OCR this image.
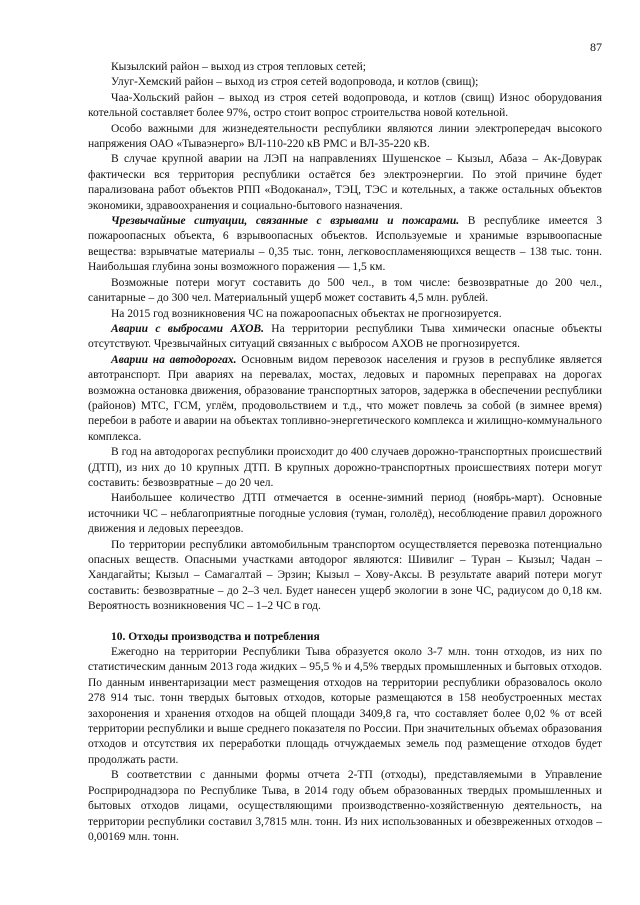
87

Кызылский район – выход из строя тепловых сетей;

Улуг-Хемский район – выход из строя сетей водопровода, и котлов (свищ);

Чаа-Хольский район – выход из строя сетей водопровода, и котлов (свищ) Износ оборудования котельной составляет более 97%, остро стоит вопрос строительства новой котельной.

Особо важными для жизнедеятельности республики являются линии электропередач высокого напряжения ОАО «Тываэнерго» ВЛ-110-220 кВ РМС и ВЛ-35-220 кВ.

В случае крупной аварии на ЛЭП на направлениях Шушенское – Кызыл, Абаза – Ак-Довурак фактически вся территория республики остаётся без электроэнергии. По этой причине будет парализована работ объектов РПП «Водоканал», ТЭЦ, ТЭС и котельных, а также остальных объектов экономики, здравоохранения и социально-бытового назначения.

Чрезвычайные ситуации, связанные с взрывами и пожарами. В республике имеется 3 пожароопасных объекта, 6 взрывоопасных объектов. Используемые и хранимые взрывоопасные вещества: взрывчатые материалы – 0,35 тыс. тонн, легковоспламеняющихся веществ – 138 тыс. тонн. Наибольшая глубина зоны возможного поражения — 1,5 км.

Возможные потери могут составить до 500 чел., в том числе: безвозвратные до 200 чел., санитарные – до 300 чел. Материальный ущерб может составить 4,5 млн. рублей.

На 2015 год возникновения ЧС на пожароопасных объектах не прогнозируется.

Аварии с выбросами АХОВ. На территории республики Тыва химически опасные объекты отсутствуют. Чрезвычайных ситуаций связанных с выбросом АХОВ не прогнозируется.

Аварии на автодорогах. Основным видом перевозок населения и грузов в республике является автотранспорт. При авариях на перевалах, мостах, ледовых и паромных переправах на дорогах возможна остановка движения, образование транспортных заторов, задержка в обеспечении республики (районов) МТС, ГСМ, углём, продовольствием и т.д., что может повлечь за собой (в зимнее время) перебои в работе и аварии на объектах топливно-энергетического комплекса и жилищно-коммунального комплекса.

В год на автодорогах республики происходит до 400 случаев дорожно-транспортных происшествий (ДТП), из них до 10 крупных ДТП. В крупных дорожно-транспортных происшествиях потери могут составить: безвозвратные – до 20 чел.

Наибольшее количество ДТП отмечается в осенне-зимний период (ноябрь-март). Основные источники ЧС – неблагоприятные погодные условия (туман, гололёд), несоблюдение правил дорожного движения и ледовых переездов.

По территории республики автомобильным транспортом осуществляется перевозка потенциально опасных веществ. Опасными участками автодорог являются: Шивилиг – Туран – Кызыл; Чадан – Хандагайты; Кызыл – Самагалтай – Эрзин; Кызыл – Хову-Аксы. В результате аварий потери могут составить: безвозвратные – до 2–3 чел. Будет нанесен ущерб экологии в зоне ЧС, радиусом до 0,18 км. Вероятность возникновения ЧС – 1–2 ЧС в год.

10. Отходы производства и потребления

Ежегодно на территории Республики Тыва образуется около 3-7 млн. тонн отходов, из них по статистическим данным 2013 года жидких – 95,5 % и 4,5% твердых промышленных и бытовых отходов. По данным инвентаризации мест размещения отходов на территории республики образовалось около 278 914 тыс. тонн твердых бытовых отходов, которые размещаются в 158 необустроенных местах захоронения и хранения отходов на общей площади 3409,8 га, что составляет более 0,02 % от всей территории республики и выше среднего показателя по России. При значительных объемах образования отходов и отсутствия их переработки площадь отчуждаемых земель под размещение отходов будет продолжать расти.

В соответствии с данными формы отчета 2-ТП (отходы), представляемыми в Управление Росприроднадзора по Республике Тыва, в 2014 году объем образованных твердых промышленных и бытовых отходов лицами, осуществляющими производственно-хозяйственную деятельность, на территории республики составил 3,7815 млн. тонн. Из них использованных и обезвреженных отходов – 0,00169 млн. тонн.
